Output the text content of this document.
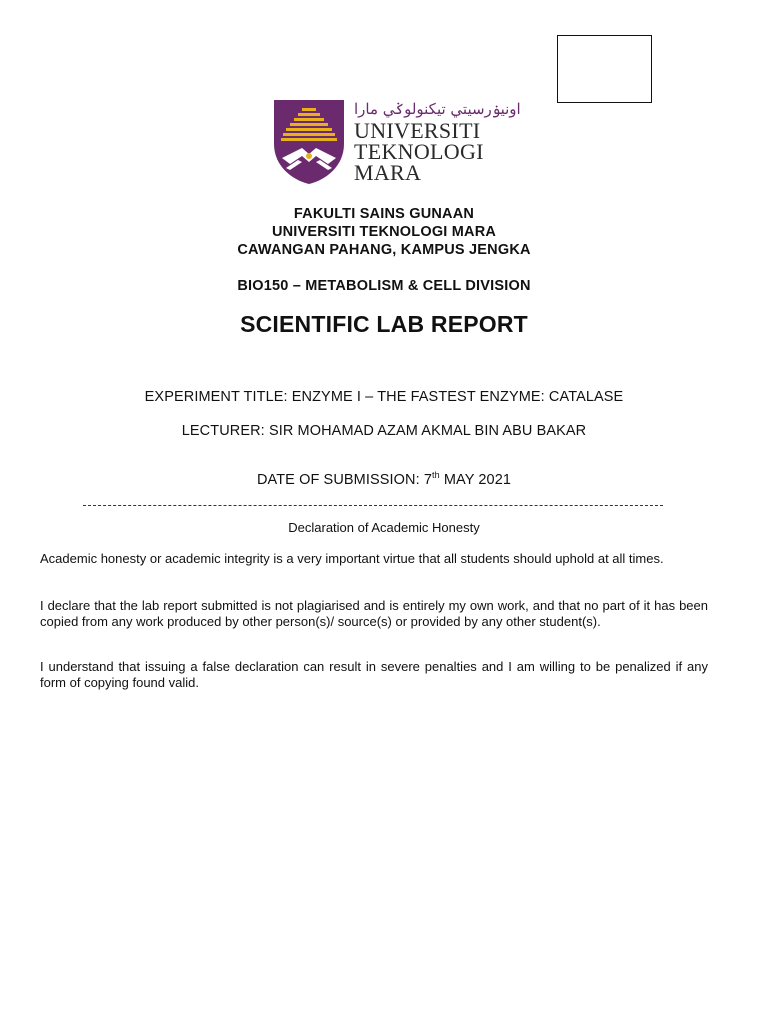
اونيۏرسيتي تيکنولوݢي مارا
UNIVERSITI
TEKNOLOGI
MARA
FAKULTI SAINS GUNAAN
UNIVERSITI TEKNOLOGI MARA
CAWANGAN PAHANG, KAMPUS JENGKA
BIO150 – METABOLISM & CELL DIVISION
SCIENTIFIC LAB REPORT
EXPERIMENT TITLE: ENZYME I – THE FASTEST ENZYME: CATALASE
LECTURER: SIR MOHAMAD AZAM AKMAL BIN ABU BAKAR
DATE OF SUBMISSION: 7th MAY 2021
Declaration of Academic Honesty
Academic honesty or academic integrity is a very important virtue that all students should uphold at all times.
I declare that the lab report submitted is not plagiarised and is entirely my own work, and that no part of it has been copied from any work produced by other person(s)/ source(s) or provided by any other student(s).
I understand that issuing a false declaration can result in severe penalties and I am willing to be penalized if any form of copying found valid.
